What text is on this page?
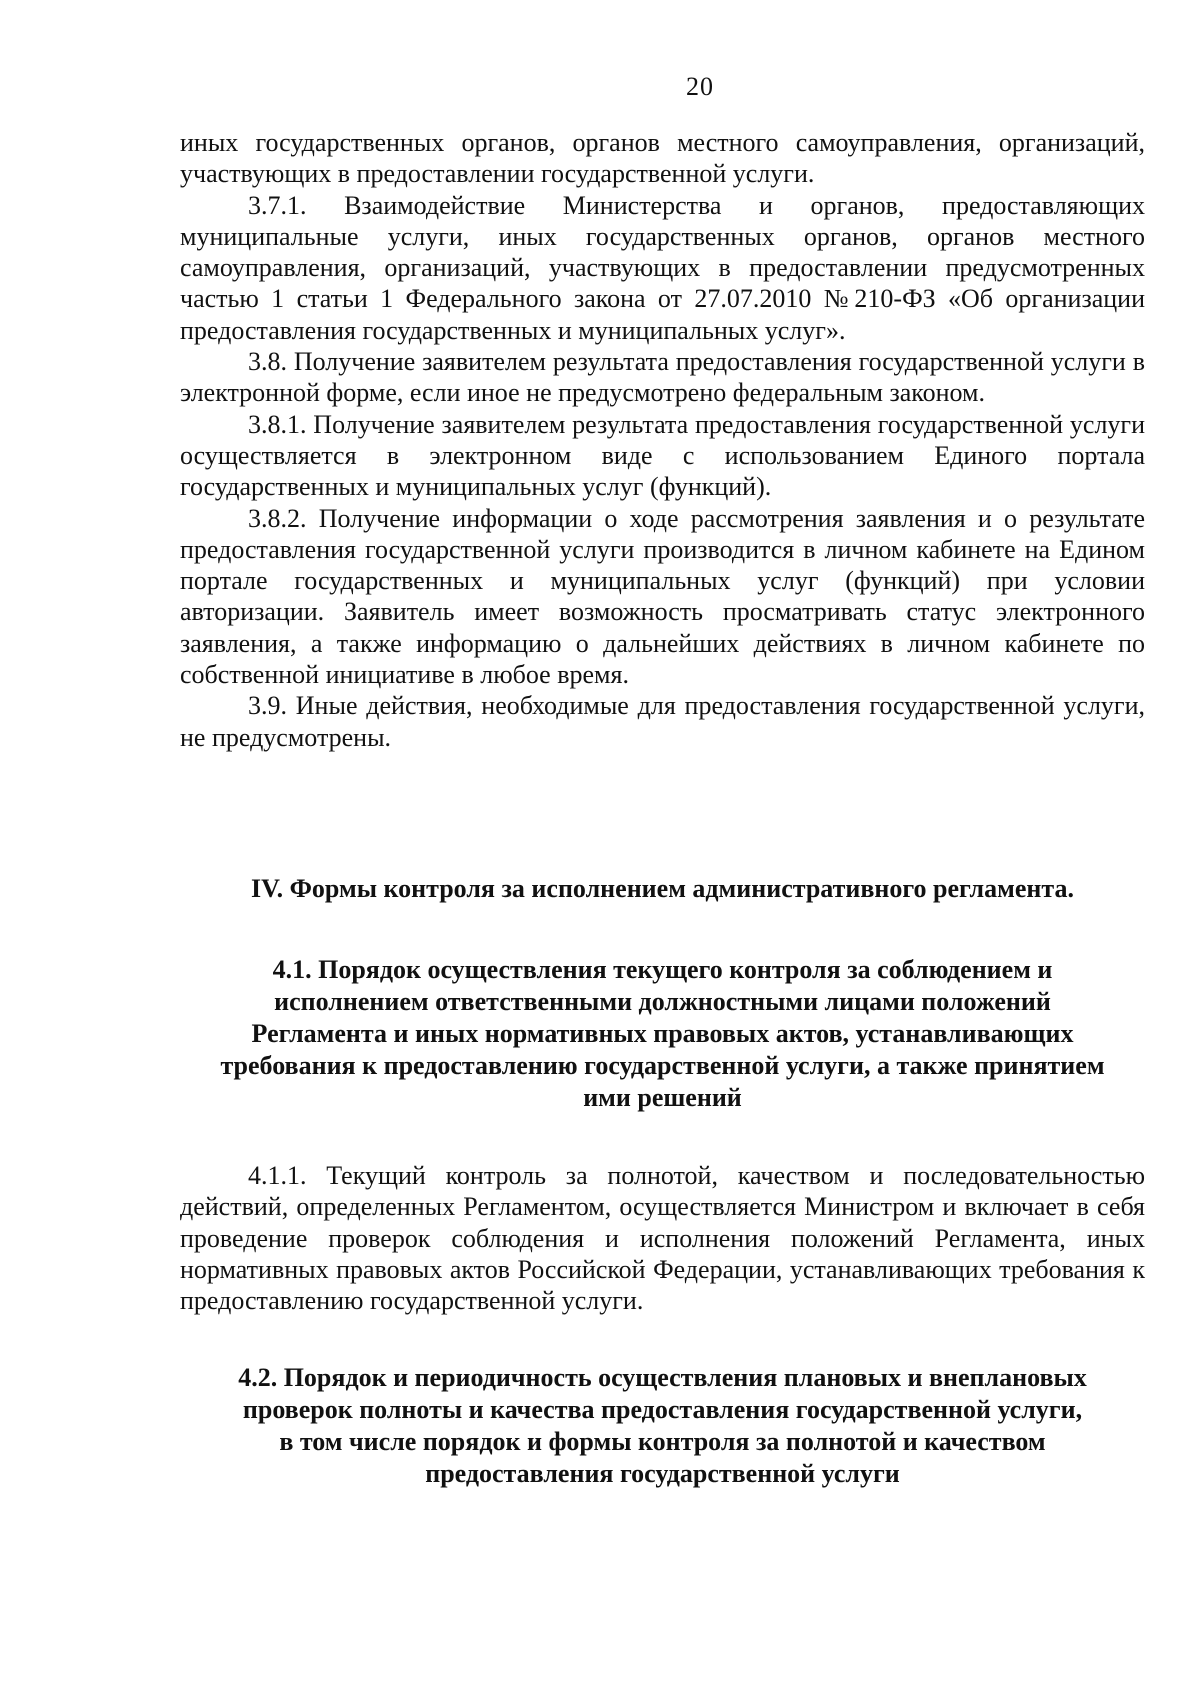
20

иных государственных органов, органов местного самоуправления, организаций, участвующих в предоставлении государственной услуги.

3.7.1. Взаимодействие Министерства и органов, предоставляющих муниципальные услуги, иных государственных органов, органов местного самоуправления, организаций, участвующих в предоставлении предусмотренных частью 1 статьи 1 Федерального закона от 27.07.2010 №210-ФЗ «Об организации предоставления государственных и муниципальных услуг».

3.8. Получение заявителем результата предоставления государственной услуги в электронной форме, если иное не предусмотрено федеральным законом.

3.8.1. Получение заявителем результата предоставления государственной услуги осуществляется в электронном виде с использованием Единого портала государственных и муниципальных услуг (функций).

3.8.2. Получение информации о ходе рассмотрения заявления и о результате предоставления государственной услуги производится в личном кабинете на Едином портале государственных и муниципальных услуг (функций) при условии авторизации. Заявитель имеет возможность просматривать статус электронного заявления, а также информацию о дальнейших действиях в личном кабинете по собственной инициативе в любое время.

3.9. Иные действия, необходимые для предоставления государственной услуги, не предусмотрены.

IV. Формы контроля за исполнением административного регламента.
4.1. Порядок осуществления текущего контроля за соблюдением и
исполнением ответственными должностными лицами положений
Регламента и иных нормативных правовых актов, устанавливающих
требования к предоставлению государственной услуги, а также принятием
ими решений

4.1.1. Текущий контроль за полнотой, качеством и последовательностью действий, определенных Регламентом, осуществляется Министром и включает в себя проведение проверок соблюдения и исполнения положений Регламента, иных нормативных правовых актов Российской Федерации, устанавливающих требования к предоставлению государственной услуги.

4.2. Порядок и периодичность осуществления плановых и внеплановых
проверок полноты и качества предоставления государственной услуги,
в том числе порядок и формы контроля за полнотой и качеством
предоставления государственной услуги
